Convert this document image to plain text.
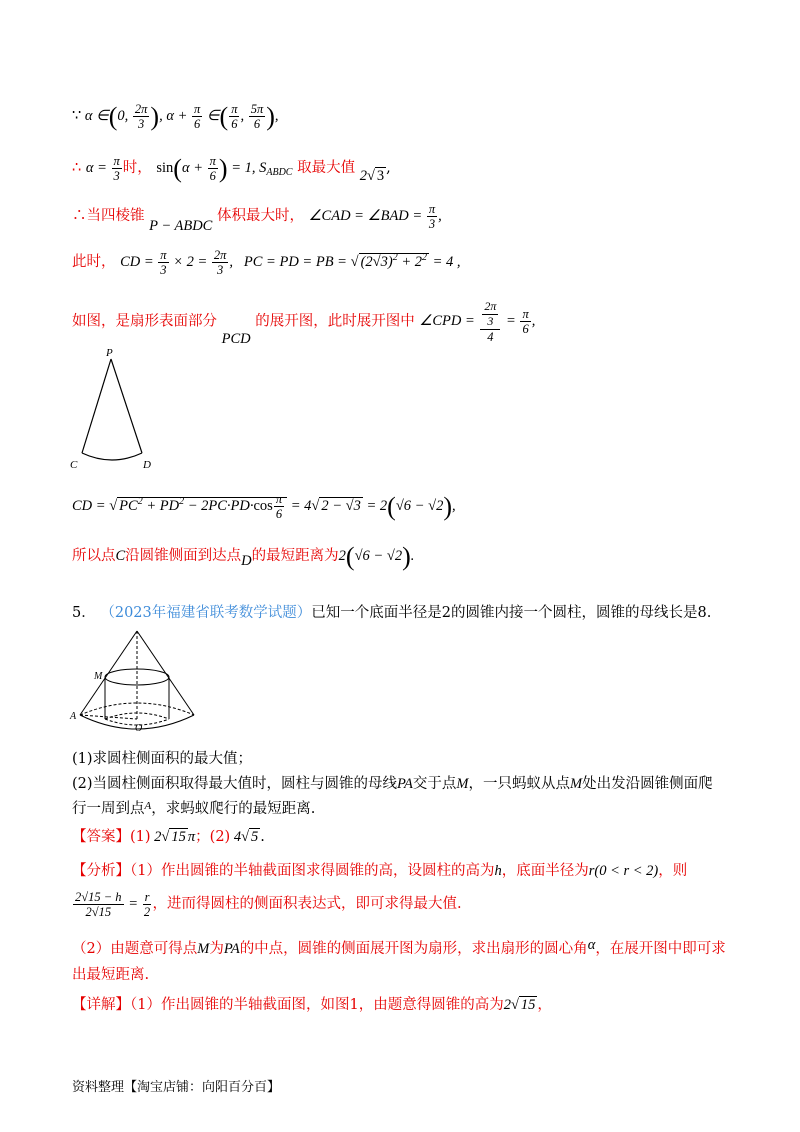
∵ α ∈(0, $\frac{2\pi}{3}$ ), $\alpha + \frac{\pi}{6}$ ∈( $\frac{\pi}{6}$ , $\frac{5\pi}{6}$ ),
∴ $\alpha = \frac{\pi}{3}$ 时， $\sin(\alpha + \frac{\pi}{6}$ ) = 1, $S_{ABDC}$ 取最大值 2√ 3 ,
∴当四棱锥 P − ABDC 体积最大时， ∠CAD = ∠BAD = $\frac{\pi}{3}$ ,
此时， CD = $\frac{\pi}{3} \times 2 = \frac{2\pi}{3}$ ,   PC = PD = PB = √ $(2√3)^2 + 2^2 = 4$ ,
如图，是扇形表面部分 PCD 的展开图，此时展开图中 ∠CPD = $\frac{\frac{2\pi}{3}}{4} = \frac{\pi}{6}$ ,
P
C	D
CD = √ $PC^2 + PD^2 - 2PC\cdot PD\cdot\cos \frac{\pi}{6} = 4√$ 2 − √3 = 2(√6 − √2),
所以点C沿圆锥侧面到达点D的最短距离为2(√6 − √2).
5． （2023年福建省联考数学试题）已知一个底面半径是2的圆锥内接一个圆柱，圆锥的母线长是8.
M
A
O
(1)求圆柱侧面积的最大值；
(2)当圆柱侧面积取得最大值时，圆柱与圆锥的母线PA交于点M，一只蚂蚁从点M处出发沿圆锥侧面爬
行一周到点$^A$，求蚂蚁爬行的最短距离.
【答案】(1) 2√ 15 π；(2) 4√ 5 .
【分析】（1）作出圆锥的半轴截面图求得圆锥的高，设圆柱的高为h，底面半径为r(0 < r < 2)，则
$\frac{2√15 - h}{2√15} = \frac{r}{2}$ ，进而得圆柱的侧面积表达式，即可求得最大值.
（2）由题意可得点M为PA的中点，圆锥的侧面展开图为扇形，求出扇形的圆心角α，在展开图中即可求
出最短距离.
【详解】（1）作出圆锥的半轴截面图，如图1，由题意得圆锥的高为2√ 15 ，
资料整理【淘宝店铺：向阳百分百】
